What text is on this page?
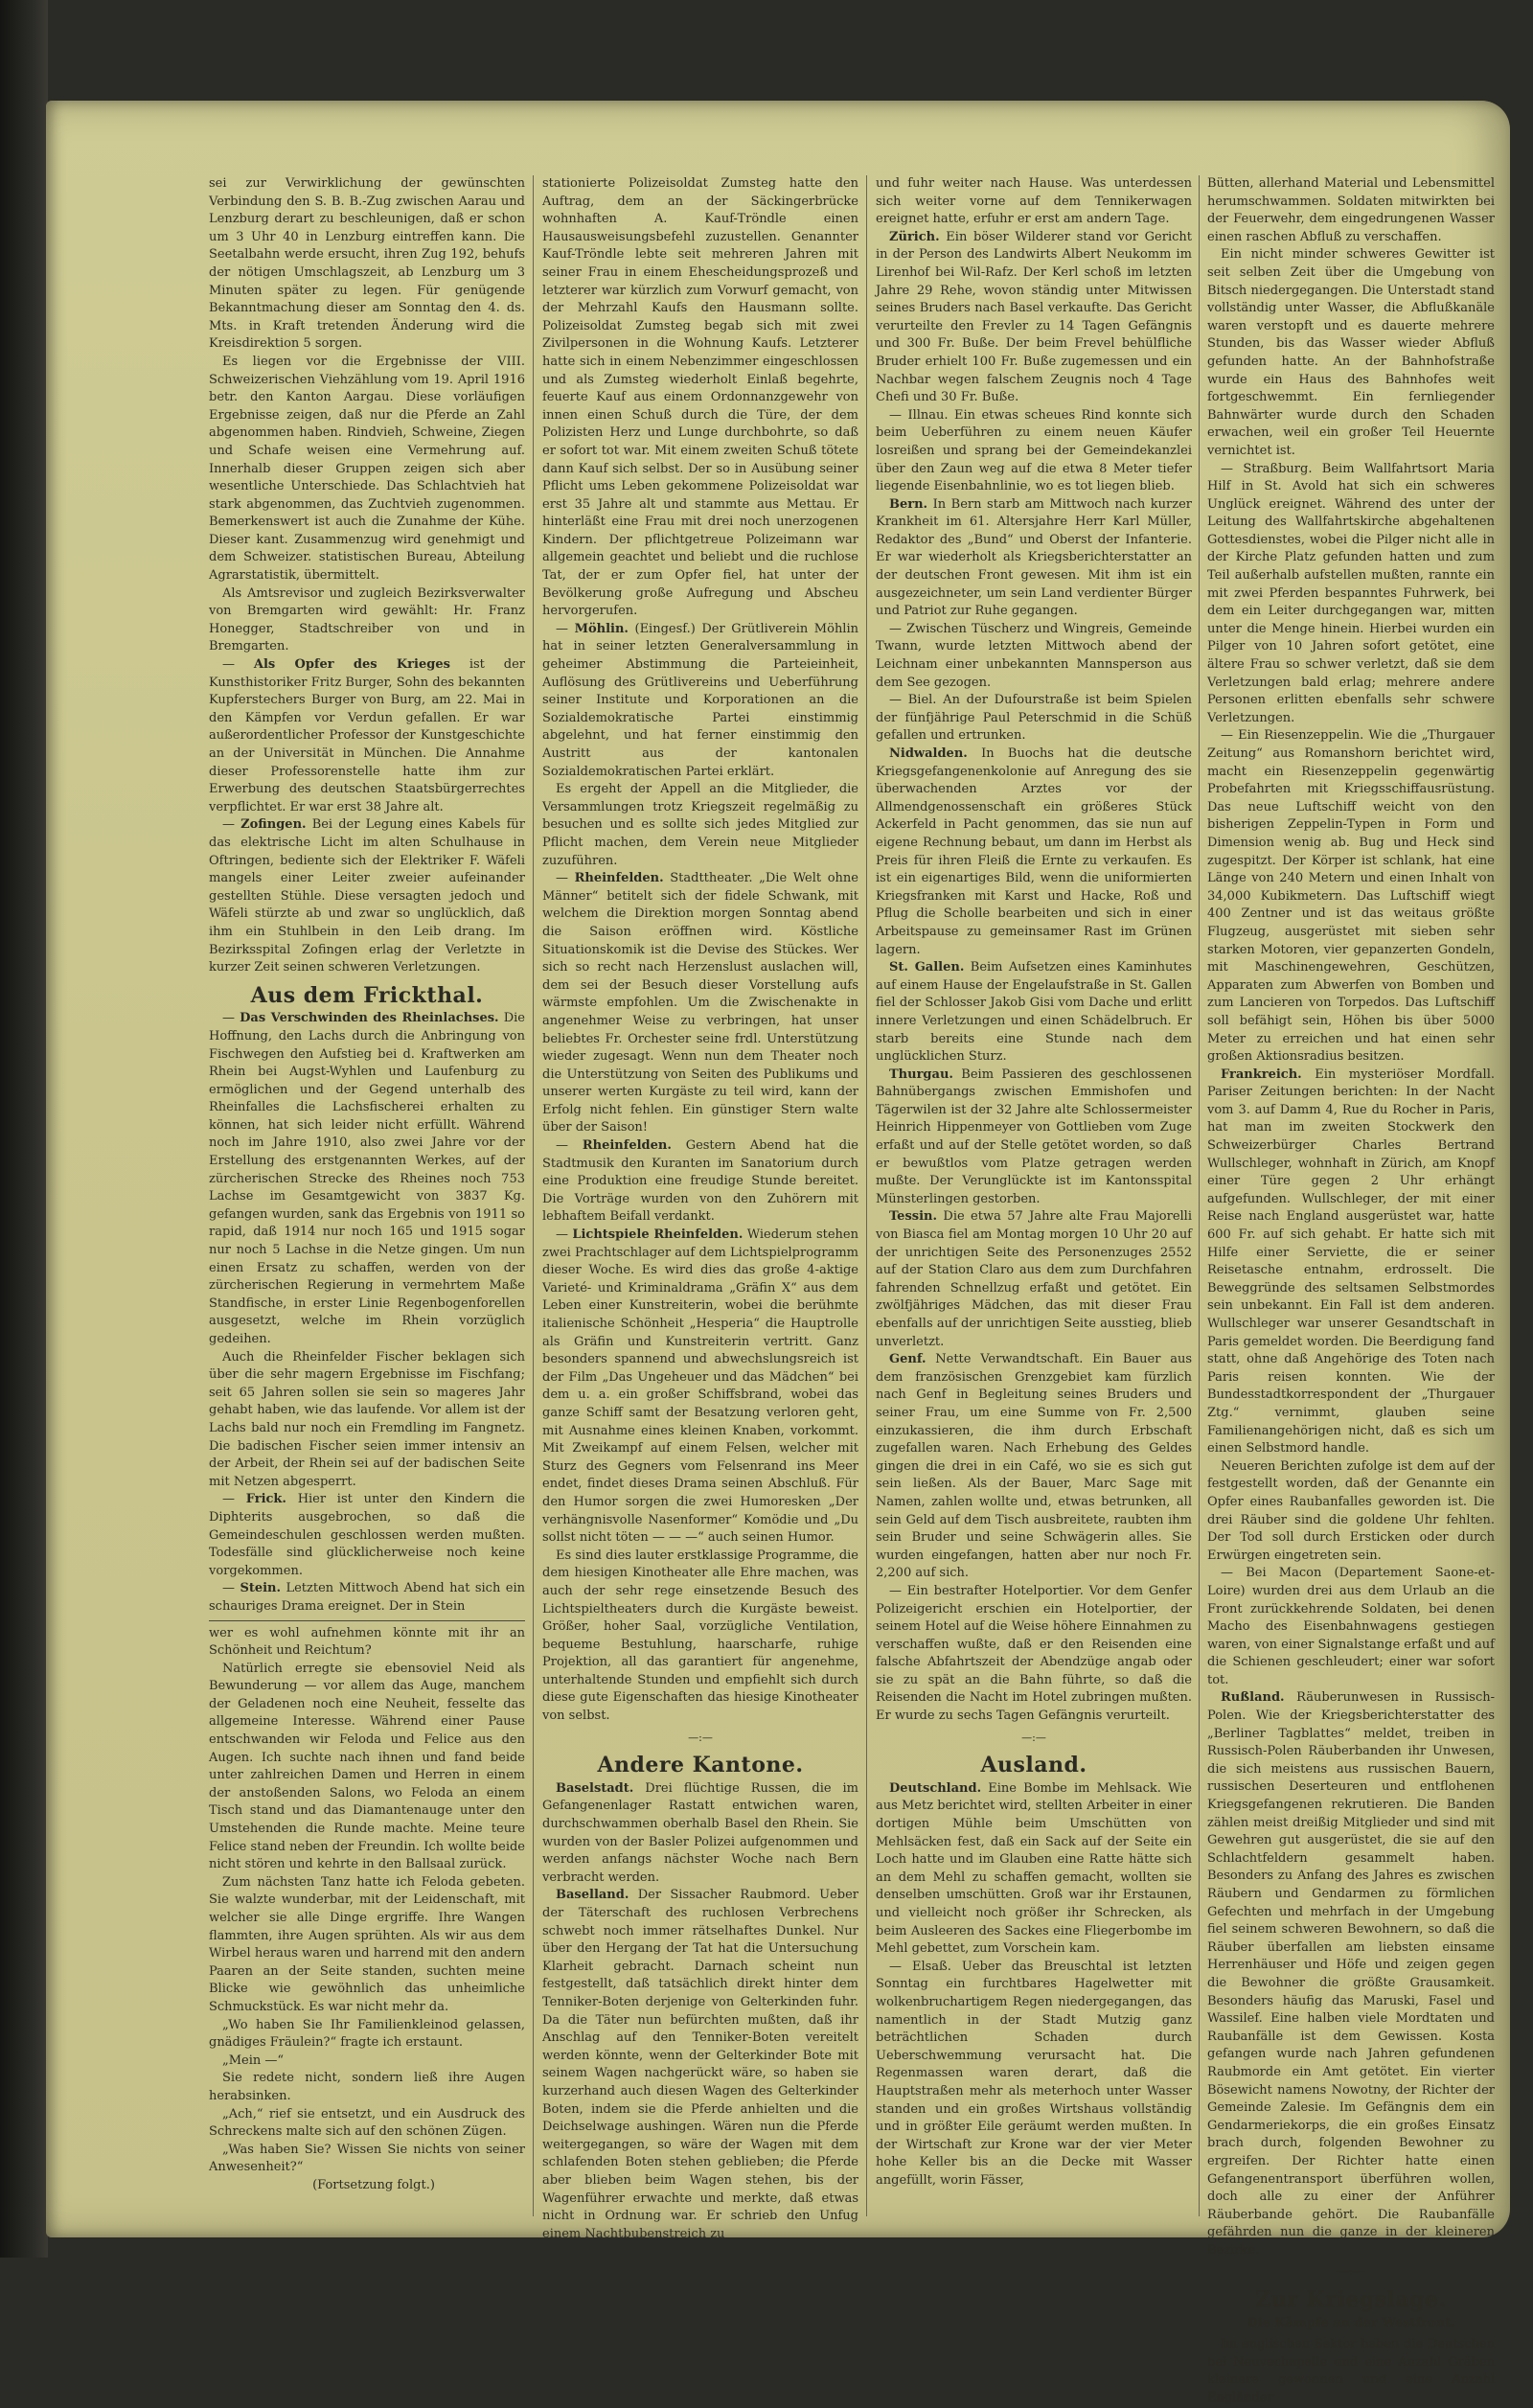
sei zur Verwirklichung der gewünschten Verbindung den S. B. B.-Zug zwischen Aarau und Lenzburg derart zu beschleunigen, daß er schon um 3 Uhr 40 in Lenzburg eintreffen kann. Die Seetalbahn werde ersucht, ihren Zug 192, behufs der nötigen Umschlagszeit, ab Lenzburg um 3 Minuten später zu legen. Für genügende Bekanntmachung dieser am Sonntag den 4. ds. Mts. in Kraft tretenden Änderung wird die Kreisdirektion 5 sorgen.

Es liegen vor die Ergebnisse der VIII. Schweizerischen Viehzählung vom 19. April 1916 betr. den Kanton Aargau. Diese vorläufigen Ergebnisse zeigen, daß nur die Pferde an Zahl abgenommen haben. Rindvieh, Schweine, Ziegen und Schafe weisen eine Vermehrung auf. Innerhalb dieser Gruppen zeigen sich aber wesentliche Unterschiede. Das Schlachtvieh hat stark abgenommen, das Zuchtvieh zugenommen. Bemerkenswert ist auch die Zunahme der Kühe. Dieser kant. Zusammenzug wird genehmigt und dem Schweizer. statistischen Bureau, Abteilung Agrarstatistik, übermittelt.

Als Amtsrevisor und zugleich Bezirksverwalter von Bremgarten wird gewählt: Hr. Franz Honegger, Stadtschreiber von und in Bremgarten.

— Als Opfer des Krieges ist der Kunsthistoriker Fritz Burger, Sohn des bekannten Kupferstechers Burger von Burg, am 22. Mai in den Kämpfen vor Verdun gefallen. Er war außerordentlicher Professor der Kunstgeschichte an der Universität in München. Die Annahme dieser Professorenstelle hatte ihm zur Erwerbung des deutschen Staatsbürgerrechtes verpflichtet. Er war erst 38 Jahre alt.

— Zofingen. Bei der Legung eines Kabels für das elektrische Licht im alten Schulhause in Oftringen, bediente sich der Elektriker F. Wäfeli mangels einer Leiter zweier aufeinander gestellten Stühle. Diese versagten jedoch und Wäfeli stürzte ab und zwar so unglücklich, daß ihm ein Stuhlbein in den Leib drang. Im Bezirksspital Zofingen erlag der Verletzte in kurzer Zeit seinen schweren Verletzungen.

Aus dem Frickthal.

— Das Verschwinden des Rheinlachses. Die Hoffnung, den Lachs durch die Anbringung von Fischwegen den Aufstieg bei d. Kraftwerken am Rhein bei Augst-Wyhlen und Laufenburg zu ermöglichen und der Gegend unterhalb des Rheinfalles die Lachsfischerei erhalten zu können, hat sich leider nicht erfüllt. Während noch im Jahre 1910, also zwei Jahre vor der Erstellung des erstgenannten Werkes, auf der zürcherischen Strecke des Rheines noch 753 Lachse im Gesamtgewicht von 3837 Kg. gefangen wurden, sank das Ergebnis von 1911 so rapid, daß 1914 nur noch 165 und 1915 sogar nur noch 5 Lachse in die Netze gingen. Um nun einen Ersatz zu schaffen, werden von der zürcherischen Regierung in vermehrtem Maße Standfische, in erster Linie Regenbogenforellen ausgesetzt, welche im Rhein vorzüglich gedeihen.

Auch die Rheinfelder Fischer beklagen sich über die sehr magern Ergebnisse im Fischfang; seit 65 Jahren sollen sie sein so mageres Jahr gehabt haben, wie das laufende. Vor allem ist der Lachs bald nur noch ein Fremdling im Fangnetz. Die badischen Fischer seien immer intensiv an der Arbeit, der Rhein sei auf der badischen Seite mit Netzen abgesperrt.

— Frick. Hier ist unter den Kindern die Diphterits ausgebrochen, so daß die Gemeindeschulen geschlossen werden mußten. Todesfälle sind glücklicherweise noch keine vorgekommen.

— Stein. Letzten Mittwoch Abend hat sich ein schauriges Drama ereignet. Der in Stein

wer es wohl aufnehmen könnte mit ihr an Schönheit und Reichtum?

Natürlich erregte sie ebensoviel Neid als Bewunderung — vor allem das Auge, manchem der Geladenen noch eine Neuheit, fesselte das allgemeine Interesse. Während einer Pause entschwanden wir Feloda und Felice aus den Augen. Ich suchte nach ihnen und fand beide unter zahlreichen Damen und Herren in einem der anstoßenden Salons, wo Feloda an einem Tisch stand und das Diamantenauge unter den Umstehenden die Runde machte. Meine teure Felice stand neben der Freundin. Ich wollte beide nicht stören und kehrte in den Ballsaal zurück.

Zum nächsten Tanz hatte ich Feloda gebeten. Sie walzte wunderbar, mit der Leidenschaft, mit welcher sie alle Dinge ergriffe. Ihre Wangen flammten, ihre Augen sprühten. Als wir aus dem Wirbel heraus waren und harrend mit den andern Paaren an der Seite standen, suchten meine Blicke wie gewöhnlich das unheimliche Schmuckstück. Es war nicht mehr da.

„Wo haben Sie Ihr Familienkleinod gelassen, gnädiges Fräulein?“ fragte ich erstaunt.

„Mein —“

Sie redete nicht, sondern ließ ihre Augen herabsinken.

„Ach,“ rief sie entsetzt, und ein Ausdruck des Schreckens malte sich auf den schönen Zügen.

„Was haben Sie? Wissen Sie nichts von seiner Anwesenheit?“

(Fortsetzung folgt.)

stationierte Polizeisoldat Zumsteg hatte den Auftrag, dem an der Säckingerbrücke wohnhaften A. Kauf-Tröndle einen Hausausweisungsbefehl zuzustellen. Genannter Kauf-Tröndle lebte seit mehreren Jahren mit seiner Frau in einem Ehescheidungsprozeß und letzterer war kürzlich zum Vorwurf gemacht, von der Mehrzahl Kaufs den Hausmann sollte. Polizeisoldat Zumsteg begab sich mit zwei Zivilpersonen in die Wohnung Kaufs. Letzterer hatte sich in einem Nebenzimmer eingeschlossen und als Zumsteg wiederholt Einlaß begehrte, feuerte Kauf aus einem Ordonnanzgewehr von innen einen Schuß durch die Türe, der dem Polizisten Herz und Lunge durchbohrte, so daß er sofort tot war. Mit einem zweiten Schuß tötete dann Kauf sich selbst. Der so in Ausübung seiner Pflicht ums Leben gekommene Polizeisoldat war erst 35 Jahre alt und stammte aus Mettau. Er hinterläßt eine Frau mit drei noch unerzogenen Kindern. Der pflichtgetreue Polizeimann war allgemein geachtet und beliebt und die ruchlose Tat, der er zum Opfer fiel, hat unter der Bevölkerung große Aufregung und Abscheu hervorgerufen.

— Möhlin. (Eingesf.) Der Grütliverein Möhlin hat in seiner letzten Generalversammlung in geheimer Abstimmung die Parteieinheit, Auflösung des Grütlivereins und Ueberführung seiner Institute und Korporationen an die Sozialdemokratische Partei einstimmig abgelehnt, und hat ferner einstimmig den Austritt aus der kantonalen Sozialdemokratischen Partei erklärt.

Es ergeht der Appell an die Mitglieder, die Versammlungen trotz Kriegszeit regelmäßig zu besuchen und es sollte sich jedes Mitglied zur Pflicht machen, dem Verein neue Mitglieder zuzuführen.

— Rheinfelden. Stadttheater. „Die Welt ohne Männer“ betitelt sich der fidele Schwank, mit welchem die Direktion morgen Sonntag abend die Saison eröffnen wird. Köstliche Situationskomik ist die Devise des Stückes. Wer sich so recht nach Herzenslust auslachen will, dem sei der Besuch dieser Vorstellung aufs wärmste empfohlen. Um die Zwischenakte in angenehmer Weise zu verbringen, hat unser beliebtes Fr. Orchester seine frdl. Unterstützung wieder zugesagt. Wenn nun dem Theater noch die Unterstützung von Seiten des Publikums und unserer werten Kurgäste zu teil wird, kann der Erfolg nicht fehlen. Ein günstiger Stern walte über der Saison!

— Rheinfelden. Gestern Abend hat die Stadtmusik den Kuranten im Sanatorium durch eine Produktion eine freudige Stunde bereitet. Die Vorträge wurden von den Zuhörern mit lebhaftem Beifall verdankt.

— Lichtspiele Rheinfelden. Wiederum stehen zwei Prachtschlager auf dem Lichtspielprogramm dieser Woche. Es wird dies das große 4-aktige Varieté- und Kriminaldrama „Gräfin X“ aus dem Leben einer Kunstreiterin, wobei die berühmte italienische Schönheit „Hesperia“ die Hauptrolle als Gräfin und Kunstreiterin vertritt. Ganz besonders spannend und abwechslungsreich ist der Film „Das Ungeheuer und das Mädchen“ bei dem u. a. ein großer Schiffsbrand, wobei das ganze Schiff samt der Besatzung verloren geht, mit Ausnahme eines kleinen Knaben, vorkommt. Mit Zweikampf auf einem Felsen, welcher mit Sturz des Gegners vom Felsenrand ins Meer endet, findet dieses Drama seinen Abschluß. Für den Humor sorgen die zwei Humoresken „Der verhängnisvolle Nasenformer“ Komödie und „Du sollst nicht töten — — —“ auch seinen Humor.

Es sind dies lauter erstklassige Programme, die dem hiesigen Kinotheater alle Ehre machen, was auch der sehr rege einsetzende Besuch des Lichtspieltheaters durch die Kurgäste beweist. Größer, hoher Saal, vorzügliche Ventilation, bequeme Bestuhlung, haarscharfe, ruhige Projektion, all das garantiert für angenehme, unterhaltende Stunden und empfiehlt sich durch diese gute Eigenschaften das hiesige Kinotheater von selbst.

—:—
Andere Kantone.

Baselstadt. Drei flüchtige Russen, die im Gefangenenlager Rastatt entwichen waren, durchschwammen oberhalb Basel den Rhein. Sie wurden von der Basler Polizei aufgenommen und werden anfangs nächster Woche nach Bern verbracht werden.

Baselland. Der Sissacher Raubmord. Ueber der Täterschaft des ruchlosen Verbrechens schwebt noch immer rätselhaftes Dunkel. Nur über den Hergang der Tat hat die Untersuchung Klarheit gebracht. Darnach scheint nun festgestellt, daß tatsächlich direkt hinter dem Tenniker-Boten derjenige von Gelterkinden fuhr. Da die Täter nun befürchten mußten, daß ihr Anschlag auf den Tenniker-Boten vereitelt werden könnte, wenn der Gelterkinder Bote mit seinem Wagen nachgerückt wäre, so haben sie kurzerhand auch diesen Wagen des Gelterkinder Boten, indem sie die Pferde anhielten und die Deichselwage aushingen. Wären nun die Pferde weitergegangen, so wäre der Wagen mit dem schlafenden Boten stehen geblieben; die Pferde aber blieben beim Wagen stehen, bis der Wagenführer erwachte und merkte, daß etwas nicht in Ordnung war. Er schrieb den Unfug einem Nachtbubenstreich zu

und fuhr weiter nach Hause. Was unterdessen sich weiter vorne auf dem Tennikerwagen ereignet hatte, erfuhr er erst am andern Tage.

Zürich. Ein böser Wilderer stand vor Gericht in der Person des Landwirts Albert Neukomm im Lirenhof bei Wil-Rafz. Der Kerl schoß im letzten Jahre 29 Rehe, wovon ständig unter Mitwissen seines Bruders nach Basel verkaufte. Das Gericht verurteilte den Frevler zu 14 Tagen Gefängnis und 300 Fr. Buße. Der beim Frevel behülfliche Bruder erhielt 100 Fr. Buße zugemessen und ein Nachbar wegen falschem Zeugnis noch 4 Tage Chefi und 30 Fr. Buße.

— Illnau. Ein etwas scheues Rind konnte sich beim Ueberführen zu einem neuen Käufer losreißen und sprang bei der Gemeindekanzlei über den Zaun weg auf die etwa 8 Meter tiefer liegende Eisenbahnlinie, wo es tot liegen blieb.

Bern. In Bern starb am Mittwoch nach kurzer Krankheit im 61. Altersjahre Herr Karl Müller, Redaktor des „Bund“ und Oberst der Infanterie. Er war wiederholt als Kriegsberichterstatter an der deutschen Front gewesen. Mit ihm ist ein ausgezeichneter, um sein Land verdienter Bürger und Patriot zur Ruhe gegangen.

— Zwischen Tüscherz und Wingreis, Gemeinde Twann, wurde letzten Mittwoch abend der Leichnam einer unbekannten Mannsperson aus dem See gezogen.

— Biel. An der Dufourstraße ist beim Spielen der fünfjährige Paul Peterschmid in die Schüß gefallen und ertrunken.

Nidwalden. In Buochs hat die deutsche Kriegsgefangenenkolonie auf Anregung des sie überwachenden Arztes vor der Allmendgenossenschaft ein größeres Stück Ackerfeld in Pacht genommen, das sie nun auf eigene Rechnung bebaut, um dann im Herbst als Preis für ihren Fleiß die Ernte zu verkaufen. Es ist ein eigenartiges Bild, wenn die uniformierten Kriegsfranken mit Karst und Hacke, Roß und Pflug die Scholle bearbeiten und sich in einer Arbeitspause zu gemeinsamer Rast im Grünen lagern.

St. Gallen. Beim Aufsetzen eines Kaminhutes auf einem Hause der Engelaufstraße in St. Gallen fiel der Schlosser Jakob Gisi vom Dache und erlitt innere Verletzungen und einen Schädelbruch. Er starb bereits eine Stunde nach dem unglücklichen Sturz.

Thurgau. Beim Passieren des geschlossenen Bahnübergangs zwischen Emmishofen und Tägerwilen ist der 32 Jahre alte Schlossermeister Heinrich Hippenmeyer von Gottlieben vom Zuge erfaßt und auf der Stelle getötet worden, so daß er bewußtlos vom Platze getragen werden mußte. Der Verunglückte ist im Kantonsspital Münsterlingen gestorben.

Tessin. Die etwa 57 Jahre alte Frau Majorelli von Biasca fiel am Montag morgen 10 Uhr 20 auf der unrichtigen Seite des Personenzuges 2552 auf der Station Claro aus dem zum Durchfahren fahrenden Schnellzug erfaßt und getötet. Ein zwölfjähriges Mädchen, das mit dieser Frau ebenfalls auf der unrichtigen Seite ausstieg, blieb unverletzt.

Genf. Nette Verwandtschaft. Ein Bauer aus dem französischen Grenzgebiet kam fürzlich nach Genf in Begleitung seines Bruders und seiner Frau, um eine Summe von Fr. 2,500 einzukassieren, die ihm durch Erbschaft zugefallen waren. Nach Erhebung des Geldes gingen die drei in ein Café, wo sie es sich gut sein ließen. Als der Bauer, Marc Sage mit Namen, zahlen wollte und, etwas betrunken, all sein Geld auf dem Tisch ausbreitete, raubten ihm sein Bruder und seine Schwägerin alles. Sie wurden eingefangen, hatten aber nur noch Fr. 2,200 auf sich.

— Ein bestrafter Hotelportier. Vor dem Genfer Polizeigericht erschien ein Hotelportier, der seinem Hotel auf die Weise höhere Einnahmen zu verschaffen wußte, daß er den Reisenden eine falsche Abfahrtszeit der Abendzüge angab oder sie zu spät an die Bahn führte, so daß die Reisenden die Nacht im Hotel zubringen mußten. Er wurde zu sechs Tagen Gefängnis verurteilt.

—:—
Ausland.

Deutschland. Eine Bombe im Mehlsack. Wie aus Metz berichtet wird, stellten Arbeiter in einer dortigen Mühle beim Umschütten von Mehlsäcken fest, daß ein Sack auf der Seite ein Loch hatte und im Glauben eine Ratte hätte sich an dem Mehl zu schaffen gemacht, wollten sie denselben umschütten. Groß war ihr Erstaunen, und vielleicht noch größer ihr Schrecken, als beim Ausleeren des Sackes eine Fliegerbombe im Mehl gebettet, zum Vorschein kam.

— Elsaß. Ueber das Breuschtal ist letzten Sonntag ein furchtbares Hagelwetter mit wolkenbruchartigem Regen niedergegangen, das namentlich in der Stadt Mutzig ganz beträchtlichen Schaden durch Ueberschwemmung verursacht hat. Die Regenmassen waren derart, daß die Hauptstraßen mehr als meterhoch unter Wasser standen und ein großes Wirtshaus vollständig und in größter Eile geräumt werden mußten. In der Wirtschaft zur Krone war der vier Meter hohe Keller bis an die Decke mit Wasser angefüllt, worin Fässer,

Bütten, allerhand Material und Lebensmittel herumschwammen. Soldaten mitwirkten bei der Feuerwehr, dem eingedrungenen Wasser einen raschen Abfluß zu verschaffen.

Ein nicht minder schweres Gewitter ist seit selben Zeit über die Umgebung von Bitsch niedergegangen. Die Unterstadt stand vollständig unter Wasser, die Abflußkanäle waren verstopft und es dauerte mehrere Stunden, bis das Wasser wieder Abfluß gefunden hatte. An der Bahnhofstraße wurde ein Haus des Bahnhofes weit fortgeschwemmt. Ein fernliegender Bahnwärter wurde durch den Schaden erwachen, weil ein großer Teil Heuernte vernichtet ist.

— Straßburg. Beim Wallfahrtsort Maria Hilf in St. Avold hat sich ein schweres Unglück ereignet. Während des unter der Leitung des Wallfahrtskirche abgehaltenen Gottesdienstes, wobei die Pilger nicht alle in der Kirche Platz gefunden hatten und zum Teil außerhalb aufstellen mußten, rannte ein mit zwei Pferden bespanntes Fuhrwerk, bei dem ein Leiter durchgegangen war, mitten unter die Menge hinein. Hierbei wurden ein Pilger von 10 Jahren sofort getötet, eine ältere Frau so schwer verletzt, daß sie dem Verletzungen bald erlag; mehrere andere Personen erlitten ebenfalls sehr schwere Verletzungen.

— Ein Riesenzeppelin. Wie die „Thurgauer Zeitung“ aus Romanshorn berichtet wird, macht ein Riesenzeppelin gegenwärtig Probefahrten mit Kriegsschiffausrüstung. Das neue Luftschiff weicht von den bisherigen Zeppelin-Typen in Form und Dimension wenig ab. Bug und Heck sind zugespitzt. Der Körper ist schlank, hat eine Länge von 240 Metern und einen Inhalt von 34,000 Kubikmetern. Das Luftschiff wiegt 400 Zentner und ist das weitaus größte Flugzeug, ausgerüstet mit sieben sehr starken Motoren, vier gepanzerten Gondeln, mit Maschinengewehren, Geschützen, Apparaten zum Abwerfen von Bomben und zum Lancieren von Torpedos. Das Luftschiff soll befähigt sein, Höhen bis über 5000 Meter zu erreichen und hat einen sehr großen Aktionsradius besitzen.

Frankreich. Ein mysteriöser Mordfall. Pariser Zeitungen berichten: In der Nacht vom 3. auf Damm 4, Rue du Rocher in Paris, hat man im zweiten Stockwerk den Schweizerbürger Charles Bertrand Wullschleger, wohnhaft in Zürich, am Knopf einer Türe gegen 2 Uhr erhängt aufgefunden. Wullschleger, der mit einer Reise nach England ausgerüstet war, hatte 600 Fr. auf sich gehabt. Er hatte sich mit Hilfe einer Serviette, die er seiner Reisetasche entnahm, erdrosselt. Die Beweggründe des seltsamen Selbstmordes sein unbekannt. Ein Fall ist dem anderen. Wullschleger war unserer Gesandtschaft in Paris gemeldet worden. Die Beerdigung fand statt, ohne daß Angehörige des Toten nach Paris reisen konnten. Wie der Bundesstadtkorrespondent der „Thurgauer Ztg.“ vernimmt, glauben seine Familienangehörigen nicht, daß es sich um einen Selbstmord handle.

Neueren Berichten zufolge ist dem auf der festgestellt worden, daß der Genannte ein Opfer eines Raubanfalles geworden ist. Die drei Räuber sind die goldene Uhr fehlten. Der Tod soll durch Ersticken oder durch Erwürgen eingetreten sein.

— Bei Macon (Departement Saone-et-Loire) wurden drei aus dem Urlaub an die Front zurückkehrende Soldaten, bei denen Macho des Eisenbahnwagens gestiegen waren, von einer Signalstange erfaßt und auf die Schienen geschleudert; einer war sofort tot.

Rußland. Räuberunwesen in Russisch-Polen. Wie der Kriegsberichterstatter des „Berliner Tagblattes“ meldet, treiben in Russisch-Polen Räuberbanden ihr Unwesen, die sich meistens aus russischen Bauern, russischen Deserteuren und entflohenen Kriegsgefangenen rekrutieren. Die Banden zählen meist dreißig Mitglieder und sind mit Gewehren gut ausgerüstet, die sie auf den Schlachtfeldern gesammelt haben. Besonders zu Anfang des Jahres es zwischen Räubern und Gendarmen zu förmlichen Gefechten und mehrfach in der Umgebung fiel seinem schweren Bewohnern, so daß die Räuber überfallen am liebsten einsame Herrenhäuser und Höfe und zeigen gegen die Bewohner die größte Grausamkeit. Besonders häufig das Maruski, Fasel und Wassilef. Eine halben viele Mordtaten und Raubanfälle ist dem Gewissen. Kosta gefangen wurde nach Jahren gefundenen Raubmorde ein Amt getötet. Ein vierter Bösewicht namens Nowotny, der Richter der Gemeinde Zalesie. Im Gefängnis dem ein Gendarmeriekorps, die ein großes Einsatz brach durch, folgenden Bewohner zu ergreifen. Der Richter hatte einen Gefangenentransport überführen wollen, doch alle zu einer der Anführer Räuberbande gehört. Die Raubanfälle gefährden nun die ganze in der kleineren Bezirke.

—:—
Zur Kriegslage.
Die Kämpfe an der Westfront.

Im englischen Sektor haben die Deutschen bei Neuvechapelle und eine Anzahl Gräben kleinere gewonnen und eine Anzahl Engländer
